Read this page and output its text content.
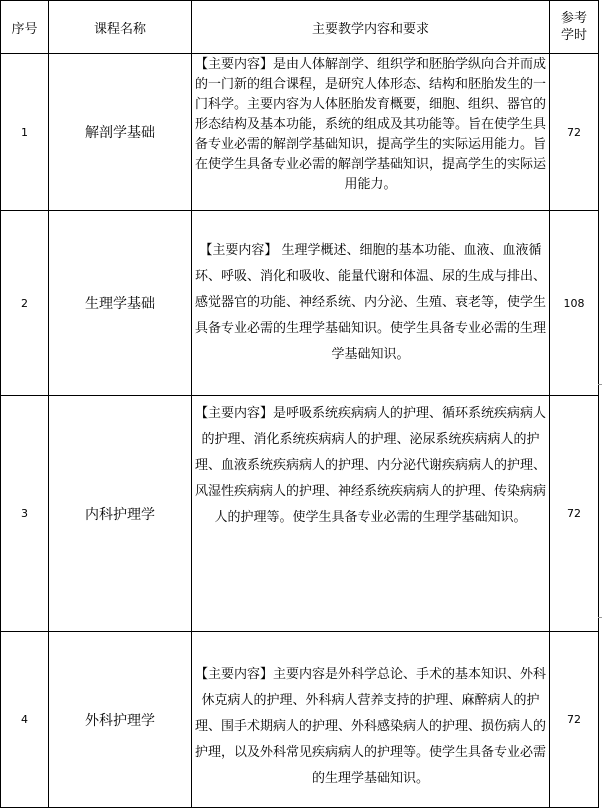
序号	课程名称	主要教学内容和要求	参考
学时

1	解剖学基础	【主要内容】是由人体解剖学、组织学和胚胎学纵向合并而成的一门新的组合课程，是研究人体形态、结构和胚胎发生的一门科学。主要内容为人体胚胎发育概要，细胞、组织、器官的形态结构及基本功能，系统的组成及其功能等。旨在使学生具备专业必需的解剖学基础知识，提高学生的实际运用能力。旨在使学生具备专业必需的解剖学基础知识，提高学生的实际运用能力。	72
2	生理学基础	【主要内容】 生理学概述、细胞的基本功能、血液、血液循环、呼吸、消化和吸收、能量代谢和体温、尿的生成与排出、感觉器官的功能、神经系统、内分泌、生殖、衰老等，使学生具备专业必需的生理学基础知识。使学生具备专业必需的生理学基础知识。	108
3	内科护理学	【主要内容】是呼吸系统疾病病人的护理、循环系统疾病病人的护理、消化系统疾病病人的护理、泌尿系统疾病病人的护理、血液系统疾病病人的护理、内分泌代谢疾病病人的护理、风湿性疾病病人的护理、神经系统疾病病人的护理、传染病病人的护理等。使学生具备专业必需的生理学基础知识。	72
4	外科护理学	【主要内容】主要内容是外科学总论、手术的基本知识、外科休克病人的护理、外科病人营养支持的护理、麻醉病人的护理、围手术期病人的护理、外科感染病人的护理、损伤病人的护理，以及外科常见疾病病人的护理等。使学生具备专业必需的生理学基础知识。	72
